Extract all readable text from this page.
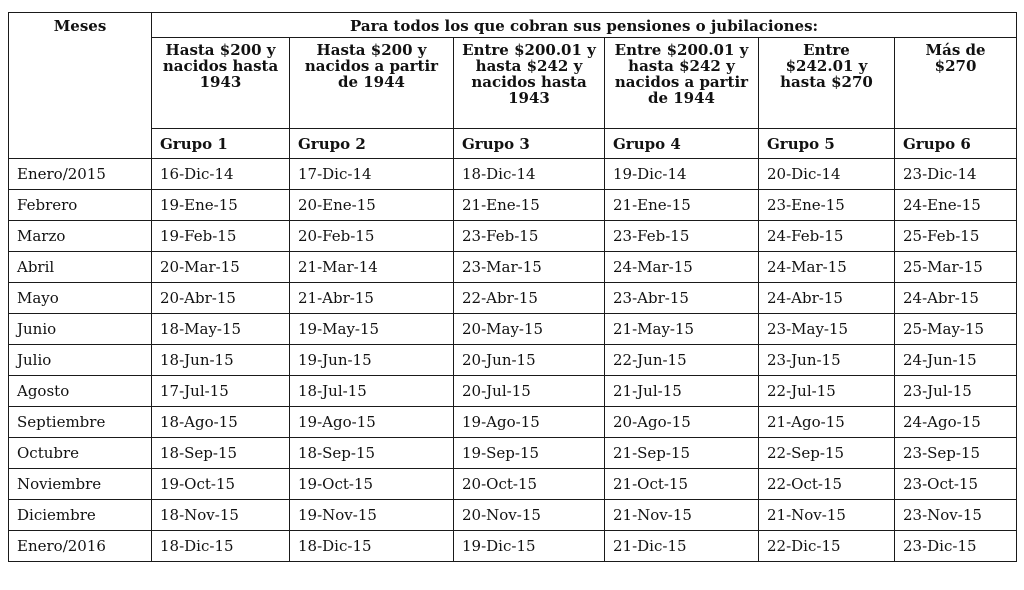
Meses	Para todos los que cobran sus pensiones o jubilaciones:					
	Hasta $200 y nacidos hasta 1943	Hasta $200 y nacidos a partir de 1944	Entre $200.01 y hasta $242 y nacidos hasta 1943	Entre $200.01 y hasta $242 y nacidos a partir de 1944	Entre $242.01 y hasta $270	Más de $270
	Grupo 1	Grupo 2	Grupo 3	Grupo 4	Grupo 5	Grupo 6
Enero/2015	16-Dic-14	17-Dic-14	18-Dic-14	19-Dic-14	20-Dic-14	23-Dic-14
Febrero	19-Ene-15	20-Ene-15	21-Ene-15	21-Ene-15	23-Ene-15	24-Ene-15
Marzo	19-Feb-15	20-Feb-15	23-Feb-15	23-Feb-15	24-Feb-15	25-Feb-15
Abril	20-Mar-15	21-Mar-14	23-Mar-15	24-Mar-15	24-Mar-15	25-Mar-15
Mayo	20-Abr-15	21-Abr-15	22-Abr-15	23-Abr-15	24-Abr-15	24-Abr-15
Junio	18-May-15	19-May-15	20-May-15	21-May-15	23-May-15	25-May-15
Julio	18-Jun-15	19-Jun-15	20-Jun-15	22-Jun-15	23-Jun-15	24-Jun-15
Agosto	17-Jul-15	18-Jul-15	20-Jul-15	21-Jul-15	22-Jul-15	23-Jul-15
Septiembre	18-Ago-15	19-Ago-15	19-Ago-15	20-Ago-15	21-Ago-15	24-Ago-15
Octubre	18-Sep-15	18-Sep-15	19-Sep-15	21-Sep-15	22-Sep-15	23-Sep-15
Noviembre	19-Oct-15	19-Oct-15	20-Oct-15	21-Oct-15	22-Oct-15	23-Oct-15
Diciembre	18-Nov-15	19-Nov-15	20-Nov-15	21-Nov-15	21-Nov-15	23-Nov-15
Enero/2016	18-Dic-15	18-Dic-15	19-Dic-15	21-Dic-15	22-Dic-15	23-Dic-15
